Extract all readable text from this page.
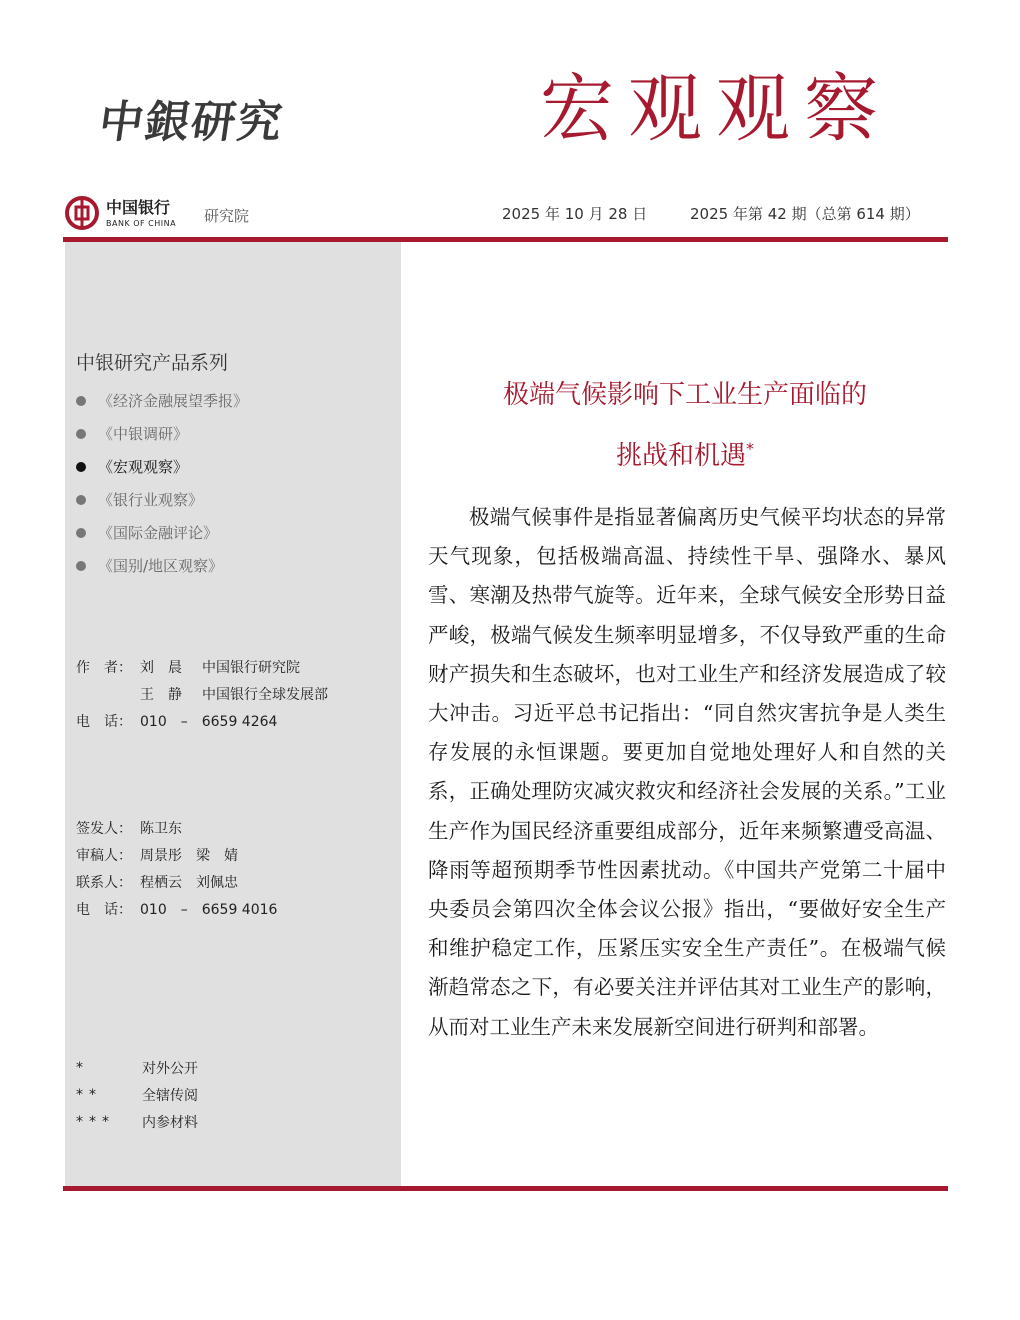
中銀研究	宏观观察
中国银行
BANK OF CHINA 研究院	2025 年 10 月 28 日	2025 年第 42 期（总第 614 期）
中银研究产品系列
《经济金融展望季报》
《中银调研》
《宏观观察》
《银行业观察》
《国际金融评论》
《国别/地区观察》
作　者： 刘　晨	中国银行研究院
王　静	中国银行全球发展部
电　话： 010　–　6659 4264
签发人： 陈卫东
审稿人： 周景彤　梁　婧
联系人： 程栖云　刘佩忠
电　话： 010　–　6659 4016
*	对外公开
**	全辖传阅
***	内参材料
极端气候影响下工业生产面临的
挑战和机遇*

极端气候事件是指显著偏离历史气候平均状态的异常天气现象，包括极端高温、持续性干旱、强降水、暴风雪、寒潮及热带气旋等。近年来，全球气候安全形势日益严峻，极端气候发生频率明显增多，不仅导致严重的生命财产损失和生态破坏，也对工业生产和经济发展造成了较大冲击。习近平总书记指出：“同自然灾害抗争是人类生存发展的永恒课题。要更加自觉地处理好人和自然的关系，正确处理防灾减灾救灾和经济社会发展的关系。”工业生产作为国民经济重要组成部分，近年来频繁遭受高温、降雨等超预期季节性因素扰动。《中国共产党第二十届中央委员会第四次全体会议公报》指出，“要做好安全生产和维护稳定工作，压紧压实安全生产责任”。在极端气候渐趋常态之下，有必要关注并评估其对工业生产的影响，从而对工业生产未来发展新空间进行研判和部署。
